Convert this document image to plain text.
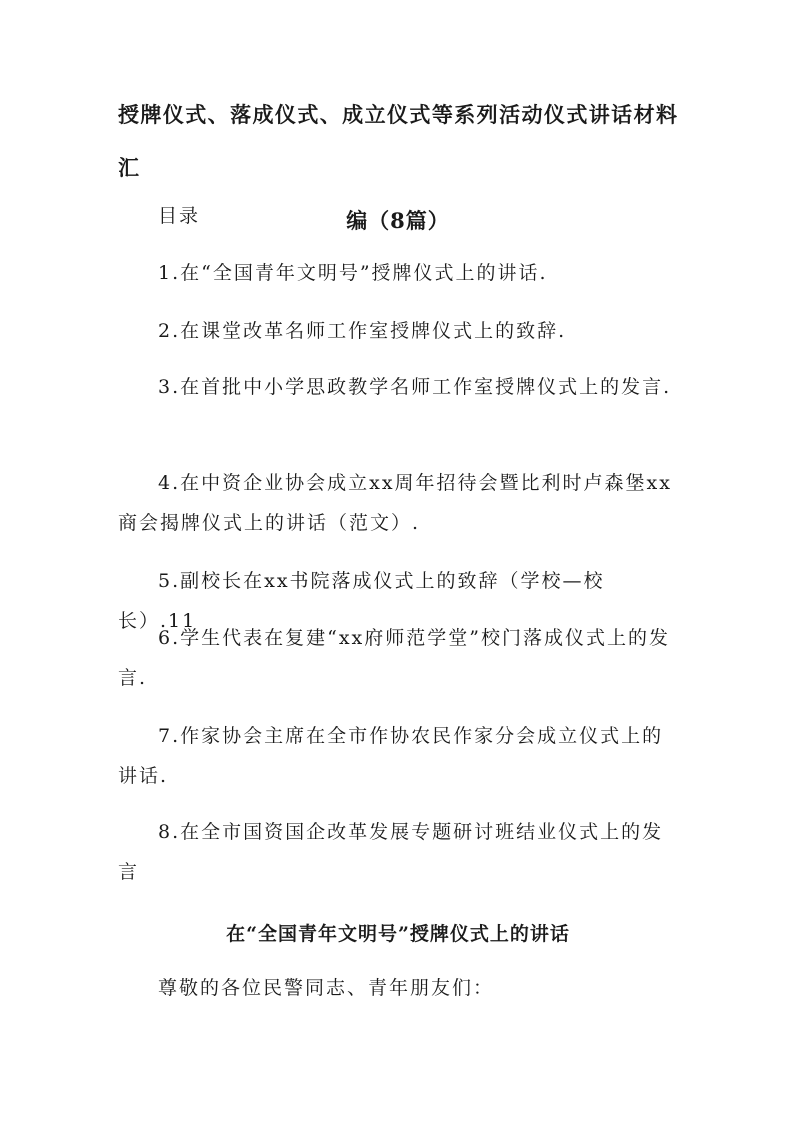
授牌仪式、落成仪式、成立仪式等系列活动仪式讲话材料汇
编（8篇）

目录

1.在“全国青年文明号”授牌仪式上的讲话.

2.在课堂改革名师工作室授牌仪式上的致辞.

3.在首批中小学思政教学名师工作室授牌仪式上的发言.

4.在中资企业协会成立xx周年招待会暨比利时卢森堡xx商会揭牌仪式上的讲话（范文）.

5.副校长在xx书院落成仪式上的致辞（学校—校长）.11

6.学生代表在复建“xx府师范学堂”校门落成仪式上的发言.

7.作家协会主席在全市作协农民作家分会成立仪式上的讲话.

8.在全市国资国企改革发展专题研讨班结业仪式上的发言

在“全国青年文明号”授牌仪式上的讲话

尊敬的各位民警同志、青年朋友们：
